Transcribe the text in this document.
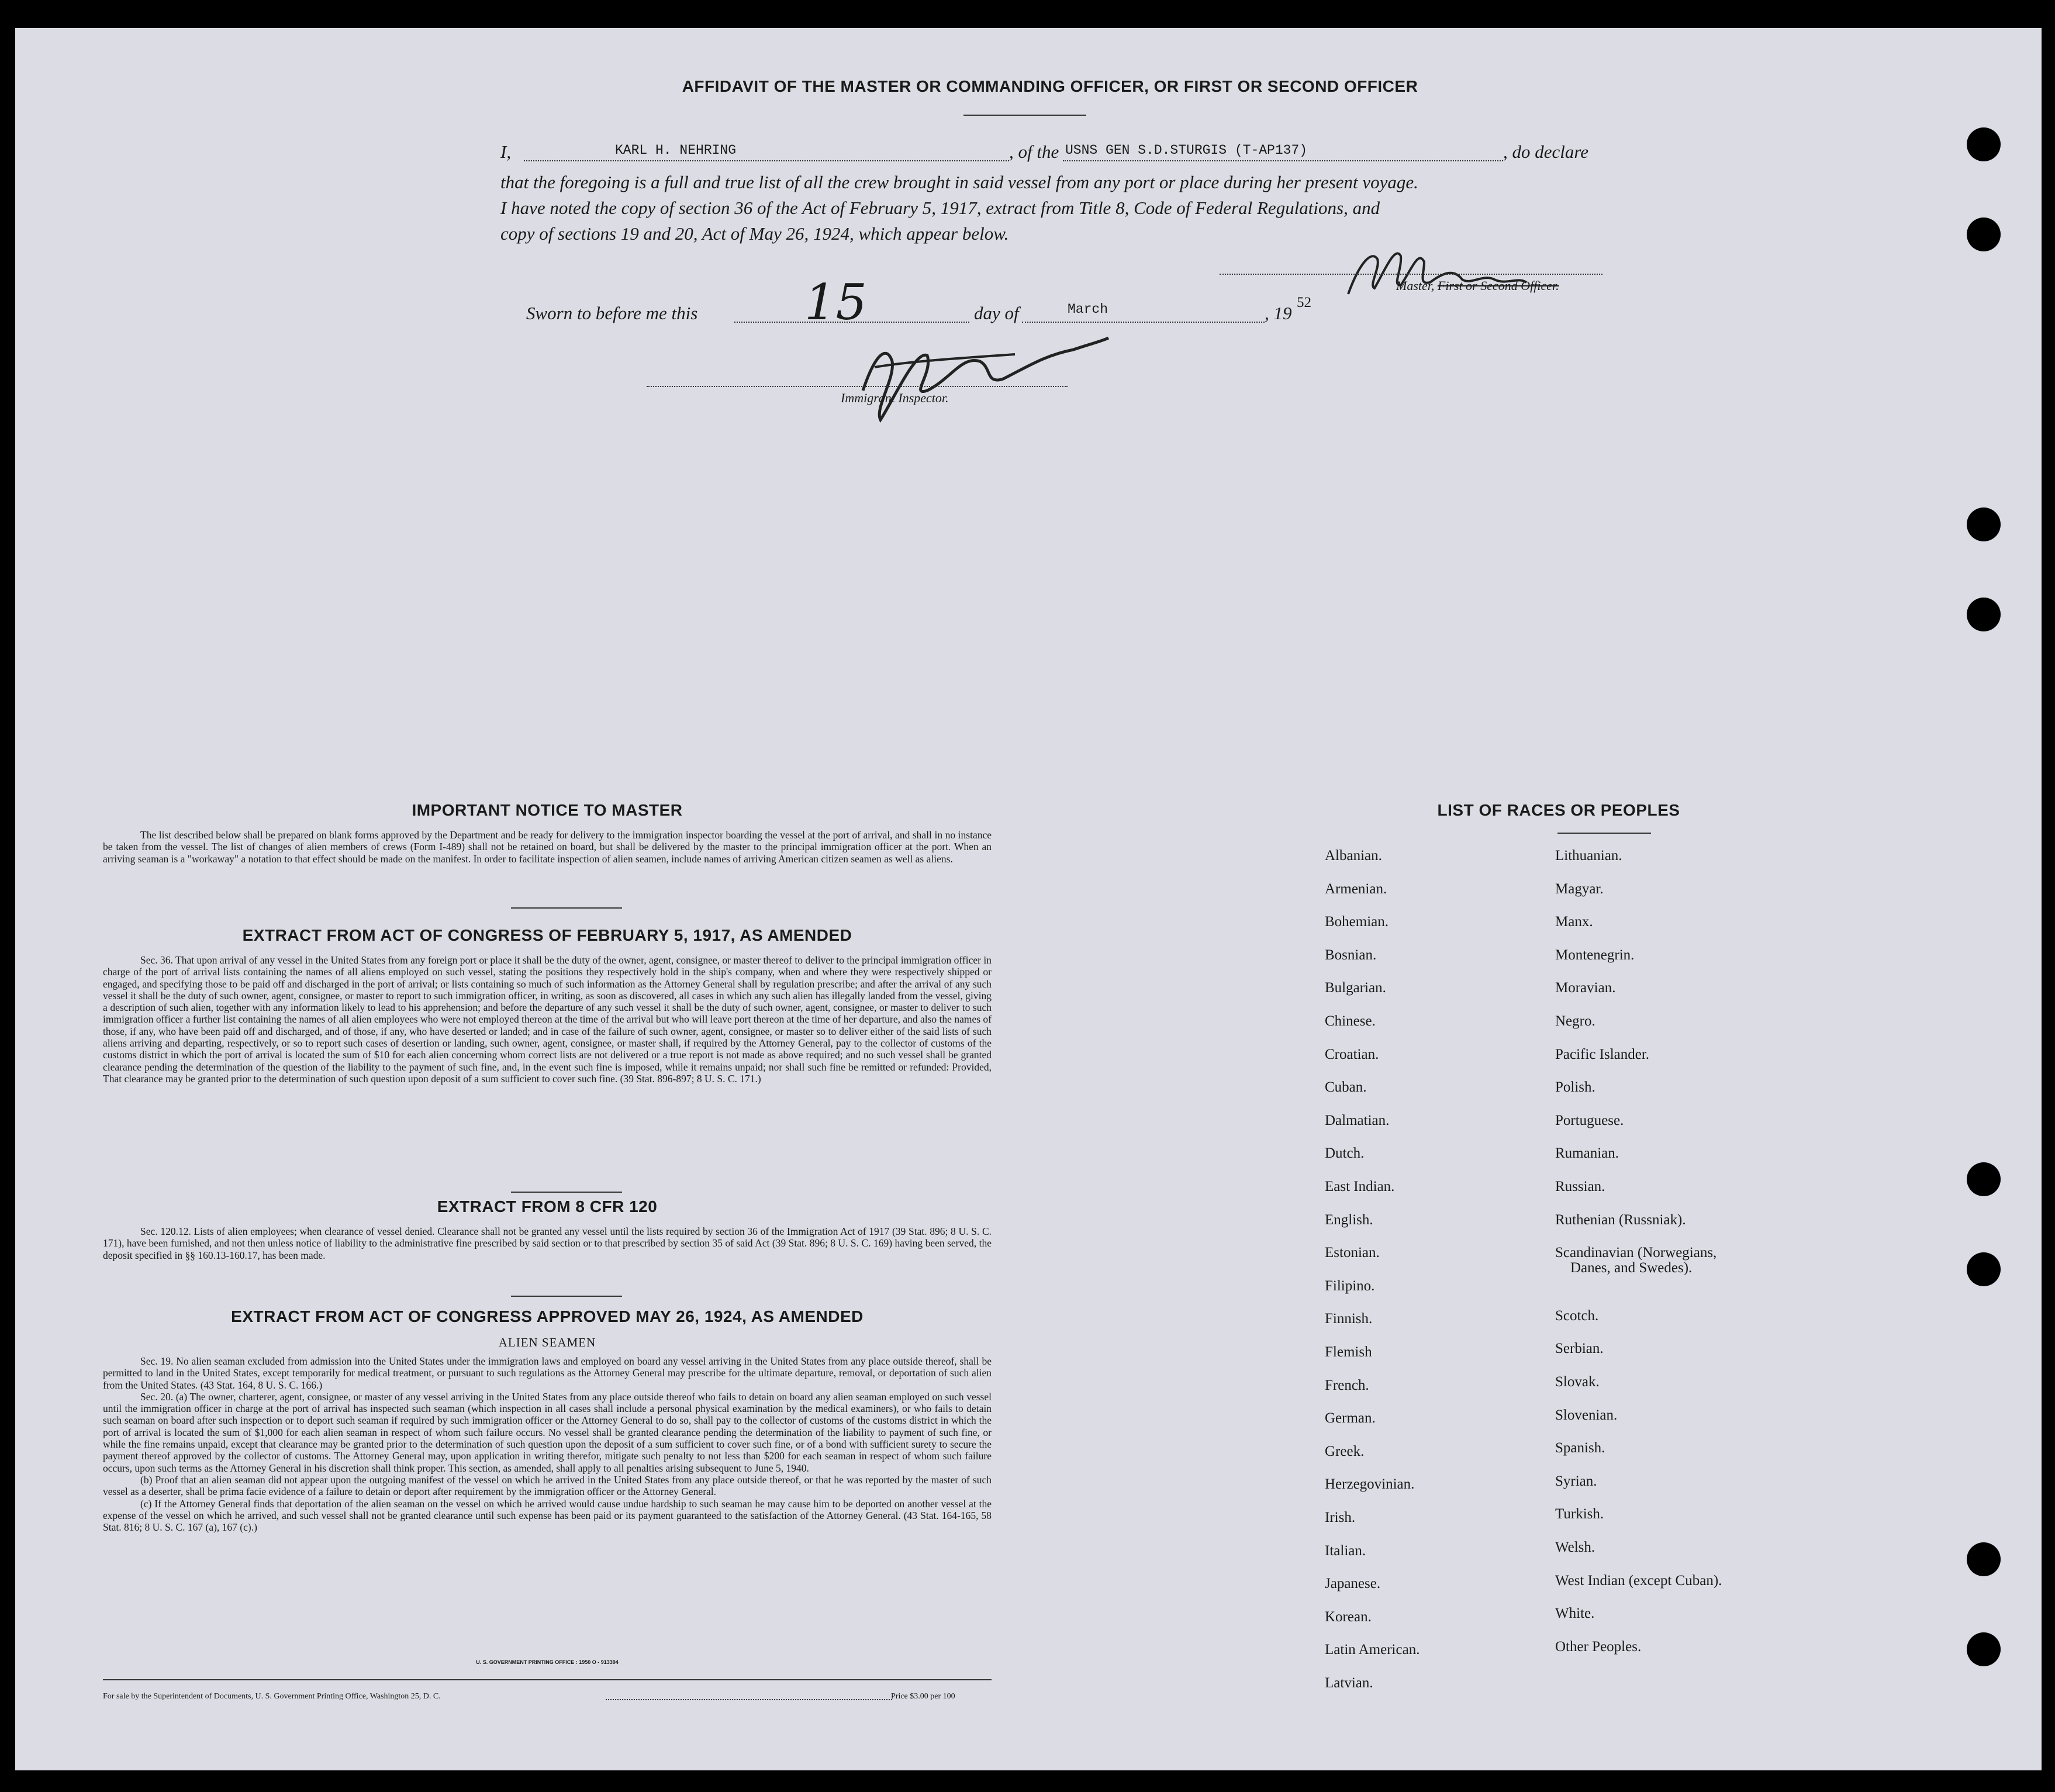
AFFIDAVIT OF THE MASTER OR COMMANDING OFFICER, OR FIRST OR SECOND OFFICER
I,	KARL H. NEHRING	, of the USNS GEN S.D.STURGIS (T-AP137)	, do declare
that the foregoing is a full and true list of all the crew brought in said vessel from any port or place during her present voyage.
I have noted the copy of section 36 of the Act of February 5, 1917, extract from Title 8, Code of Federal Regulations, and
copy of sections 19 and 20, Act of May 26, 1924, which appear below.
Master, First or Second Officer.
Sworn to before me this 15	day of	March	, 19
52
Immigrant Inspector.
IMPORTANT NOTICE TO MASTER
The list described below shall be prepared on blank forms approved by the Department and be ready for delivery to the immigration inspector boarding the vessel at the port of arrival, and shall in no instance be taken from the vessel. The list of changes of alien members of crews (Form I-489) shall not be retained on board, but shall be delivered by the master to the principal immigration officer at the port. When an arriving seaman is a "workaway" a notation to that effect should be made on the manifest. In order to facilitate inspection of alien seamen, include names of arriving American citizen seamen as well as aliens.
EXTRACT FROM ACT OF CONGRESS OF FEBRUARY 5, 1917, AS AMENDED
Sec. 36. That upon arrival of any vessel in the United States from any foreign port or place it shall be the duty of the owner, agent, consignee, or master thereof to deliver to the principal immigration officer in charge of the port of arrival lists containing the names of all aliens employed on such vessel, stating the positions they respectively hold in the ship's company, when and where they were respectively shipped or engaged, and specifying those to be paid off and discharged in the port of arrival; or lists containing so much of such information as the Attorney General shall by regulation prescribe; and after the arrival of any such vessel it shall be the duty of such owner, agent, consignee, or master to report to such immigration officer, in writing, as soon as discovered, all cases in which any such alien has illegally landed from the vessel, giving a description of such alien, together with any information likely to lead to his apprehension; and before the departure of any such vessel it shall be the duty of such owner, agent, consignee, or master to deliver to such immigration officer a further list containing the names of all alien employees who were not employed thereon at the time of the arrival but who will leave port thereon at the time of her departure, and also the names of those, if any, who have been paid off and discharged, and of those, if any, who have deserted or landed; and in case of the failure of such owner, agent, consignee, or master so to deliver either of the said lists of such aliens arriving and departing, respectively, or so to report such cases of desertion or landing, such owner, agent, consignee, or master shall, if required by the Attorney General, pay to the collector of customs of the customs district in which the port of arrival is located the sum of $10 for each alien concerning whom correct lists are not delivered or a true report is not made as above required; and no such vessel shall be granted clearance pending the determination of the question of the liability to the payment of such fine, and, in the event such fine is imposed, while it remains unpaid; nor shall such fine be remitted or refunded: Provided, That clearance may be granted prior to the determination of such question upon deposit of a sum sufficient to cover such fine. (39 Stat. 896-897; 8 U. S. C. 171.)
EXTRACT FROM 8 CFR 120
Sec. 120.12. Lists of alien employees; when clearance of vessel denied. Clearance shall not be granted any vessel until the lists required by section 36 of the Immigration Act of 1917 (39 Stat. 896; 8 U. S. C. 171), have been furnished, and not then unless notice of liability to the administrative fine prescribed by said section or to that prescribed by section 35 of said Act (39 Stat. 896; 8 U. S. C. 169) having been served, the deposit specified in §§ 160.13-160.17, has been made.
EXTRACT FROM ACT OF CONGRESS APPROVED MAY 26, 1924, AS AMENDED
ALIEN SEAMEN
Sec. 19. No alien seaman excluded from admission into the United States under the immigration laws and employed on board any vessel arriving in the United States from any place outside thereof, shall be permitted to land in the United States, except temporarily for medical treatment, or pursuant to such regulations as the Attorney General may prescribe for the ultimate departure, removal, or deportation of such alien from the United States. (43 Stat. 164, 8 U. S. C. 166.)
Sec. 20. (a) The owner, charterer, agent, consignee, or master of any vessel arriving in the United States from any place outside thereof who fails to detain on board any alien seaman employed on such vessel until the immigration officer in charge at the port of arrival has inspected such seaman (which inspection in all cases shall include a personal physical examination by the medical examiners), or who fails to detain such seaman on board after such inspection or to deport such seaman if required by such immigration officer or the Attorney General to do so, shall pay to the collector of customs of the customs district in which the port of arrival is located the sum of $1,000 for each alien seaman in respect of whom such failure occurs. No vessel shall be granted clearance pending the determination of the liability to payment of such fine, or while the fine remains unpaid, except that clearance may be granted prior to the determination of such question upon the deposit of a sum sufficient to cover such fine, or of a bond with sufficient surety to secure the payment thereof approved by the collector of customs. The Attorney General may, upon application in writing therefor, mitigate such penalty to not less than $200 for each seaman in respect of whom such failure occurs, upon such terms as the Attorney General in his discretion shall think proper. This section, as amended, shall apply to all penalties arising subsequent to June 5, 1940.
(b) Proof that an alien seaman did not appear upon the outgoing manifest of the vessel on which he arrived in the United States from any place outside thereof, or that he was reported by the master of such vessel as a deserter, shall be prima facie evidence of a failure to detain or deport after requirement by the immigration officer or the Attorney General.
(c) If the Attorney General finds that deportation of the alien seaman on the vessel on which he arrived would cause undue hardship to such seaman he may cause him to be deported on another vessel at the expense of the vessel on which he arrived, and such vessel shall not be granted clearance until such expense has been paid or its payment guaranteed to the satisfaction of the Attorney General. (43 Stat. 164-165, 58 Stat. 816; 8 U. S. C. 167 (a), 167 (c).)
U. S. GOVERNMENT PRINTING OFFICE : 1950 O - 913394
For sale by the Superintendent of Documents, U. S. Government Printing Office, Washington 25, D. C.	Price $3.00 per 100
LIST OF RACES OR PEOPLES
Albanian.
Armenian.
Bohemian.
Bosnian.
Bulgarian.
Chinese.
Croatian.
Cuban.
Dalmatian.
Dutch.
East Indian.
English.
Estonian.
Filipino.
Finnish.
Flemish
French.
German.
Greek.
Herzegovinian.
Irish.
Italian.
Japanese.
Korean.
Latin American.
Latvian.
Lithuanian.
Magyar.
Manx.
Montenegrin.
Moravian.
Negro.
Pacific Islander.
Polish.
Portuguese.
Rumanian.
Russian.
Ruthenian (Russniak).
Scandinavian (Norwegians,
Danes, and Swedes).
Scotch.
Serbian.
Slovak.
Slovenian.
Spanish.
Syrian.
Turkish.
Welsh.
West Indian (except Cuban).
White.
Other Peoples.
